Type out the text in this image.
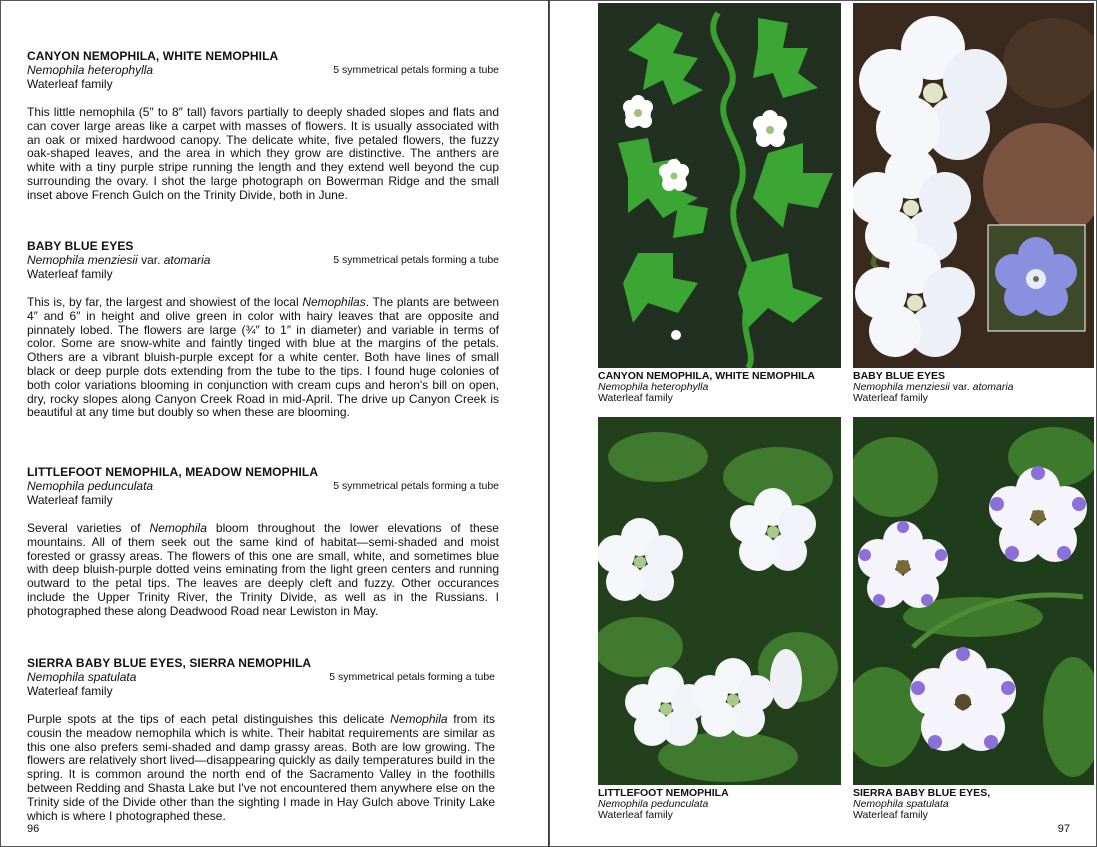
CANYON NEMOPHILA, WHITE NEMOPHILA
Nemophila heterophylla	5 symmetrical petals forming a tube
Waterleaf family
This little nemophila (5″ to 8″ tall) favors partially to deeply shaded slopes and flats and can cover large areas like a carpet with masses of flowers. It is usually associated with an oak or mixed hardwood canopy. The delicate white, five petaled flowers, the fuzzy oak-shaped leaves, and the area in which they grow are distinctive. The anthers are white with a tiny purple stripe running the length and they extend well beyond the cup surrounding the ovary. I shot the large photograph on Bowerman Ridge and the small inset above French Gulch on the Trinity Divide, both in June.
BABY BLUE EYES
Nemophila menziesii var. atomaria	5 symmetrical petals forming a tube
Waterleaf family
This is, by far, the largest and showiest of the local Nemophilas. The plants are between 4″ and 6″ in height and olive green in color with hairy leaves that are opposite and pinnately lobed. The flowers are large (¾″ to 1″ in diameter) and variable in terms of color. Some are snow-white and faintly tinged with blue at the margins of the petals. Others are a vibrant bluish-purple except for a white center. Both have lines of small black or deep purple dots extending from the tube to the tips. I found huge colonies of both color variations blooming in conjunction with cream cups and heron's bill on open, dry, rocky slopes along Canyon Creek Road in mid-April. The drive up Canyon Creek is beautiful at any time but doubly so when these are blooming.
LITTLEFOOT NEMOPHILA, MEADOW NEMOPHILA
Nemophila pedunculata	5 symmetrical petals forming a tube
Waterleaf family
Several varieties of Nemophila bloom throughout the lower elevations of these mountains. All of them seek out the same kind of habitat—semi-shaded and moist forested or grassy areas. The flowers of this one are small, white, and sometimes blue with deep bluish-purple dotted veins eminating from the light green centers and running outward to the petal tips. The leaves are deeply cleft and fuzzy. Other occurances include the Upper Trinity River, the Trinity Divide, as well as in the Russians. I photographed these along Deadwood Road near Lewiston in May.
SIERRA BABY BLUE EYES, SIERRA NEMOPHILA
Nemophila spatulata	5 symmetrical petals forming a tube
Waterleaf family
Purple spots at the tips of each petal distinguishes this delicate Nemophila from its cousin the meadow nemophila which is white. Their habitat requirements are similar as this one also prefers semi-shaded and damp grassy areas. Both are low growing. The flowers are relatively short lived—disappearing quickly as daily temperatures build in the spring. It is common around the north end of the Sacramento Valley in the foothills between Redding and Shasta Lake but I've not encountered them anywhere else on the Trinity side of the Divide other than the sighting I made in Hay Gulch above Trinity Lake which is where I photographed these.
96
CANYON NEMOPHILA, WHITE NEMOPHILA
Nemophila heterophylla
Waterleaf family
BABY BLUE EYES
Nemophila menziesii var. atomaria
Waterleaf family
LITTLEFOOT NEMOPHILA
Nemophila pedunculata
Waterleaf family
SIERRA BABY BLUE EYES,
Nemophila spatulata
Waterleaf family
97
